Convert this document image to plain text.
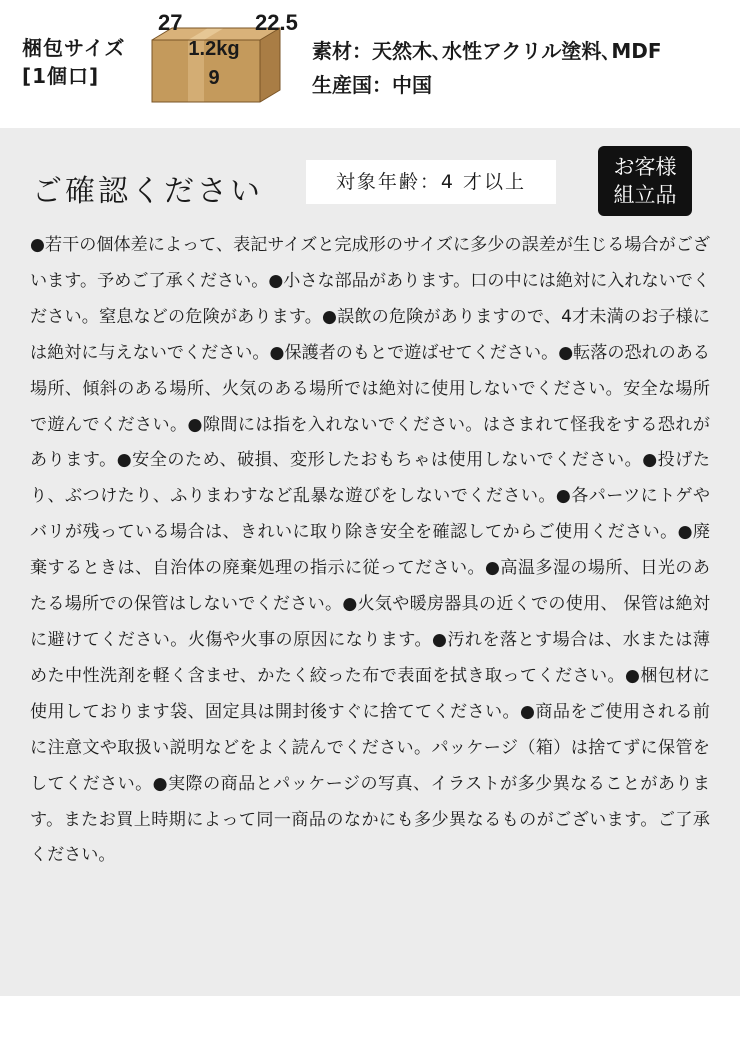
梱包サイズ
[1個口]
27	22.5
1.2kg
9
素材：天然木､水性アクリル塗料､MDF
生産国：中国
ご確認ください	対象年齢：4 才以上
お客様
組立品
●若干の個体差によって、表記サイズと完成形のサイズに多少の誤差が生じる場合がございます。予めご了承ください。●小さな部品があります。口の中には絶対に入れないでください。窒息などの危険があります。●誤飲の危険がありますので、4才未満のお子様には絶対に与えないでください。●保護者のもとで遊ばせてください。●転落の恐れのある場所、傾斜のある場所、火気のある場所では絶対に使用しないでください。安全な場所で遊んでください。●隙間には指を入れないでください。はさまれて怪我をする恐れがあります。●安全のため、破損、変形したおもちゃは使用しないでください。●投げたり、ぶつけたり、ふりまわすなど乱暴な遊びをしないでください。●各パーツにトゲやバリが残っている場合は、きれいに取り除き安全を確認してからご使用ください。●廃棄するときは、自治体の廃棄処理の指示に従ってださい。●高温多湿の場所、日光のあたる場所での保管はしないでください。●火気や暖房器具の近くでの使用、 保管は絶対に避けてください。火傷や火事の原因になります。●汚れを落とす場合は、水または薄めた中性洗剤を軽く含ませ、かたく絞った布で表面を拭き取ってください。●梱包材に使用しております袋、固定具は開封後すぐに捨ててください。●商品をご使用される前に注意文や取扱い説明などをよく読んでください。パッケージ（箱）は捨てずに保管をしてください。●実際の商品とパッケージの写真、イラストが多少異なることがあります。またお買上時期によって同一商品のなかにも多少異なるものがございます。ご了承ください。
